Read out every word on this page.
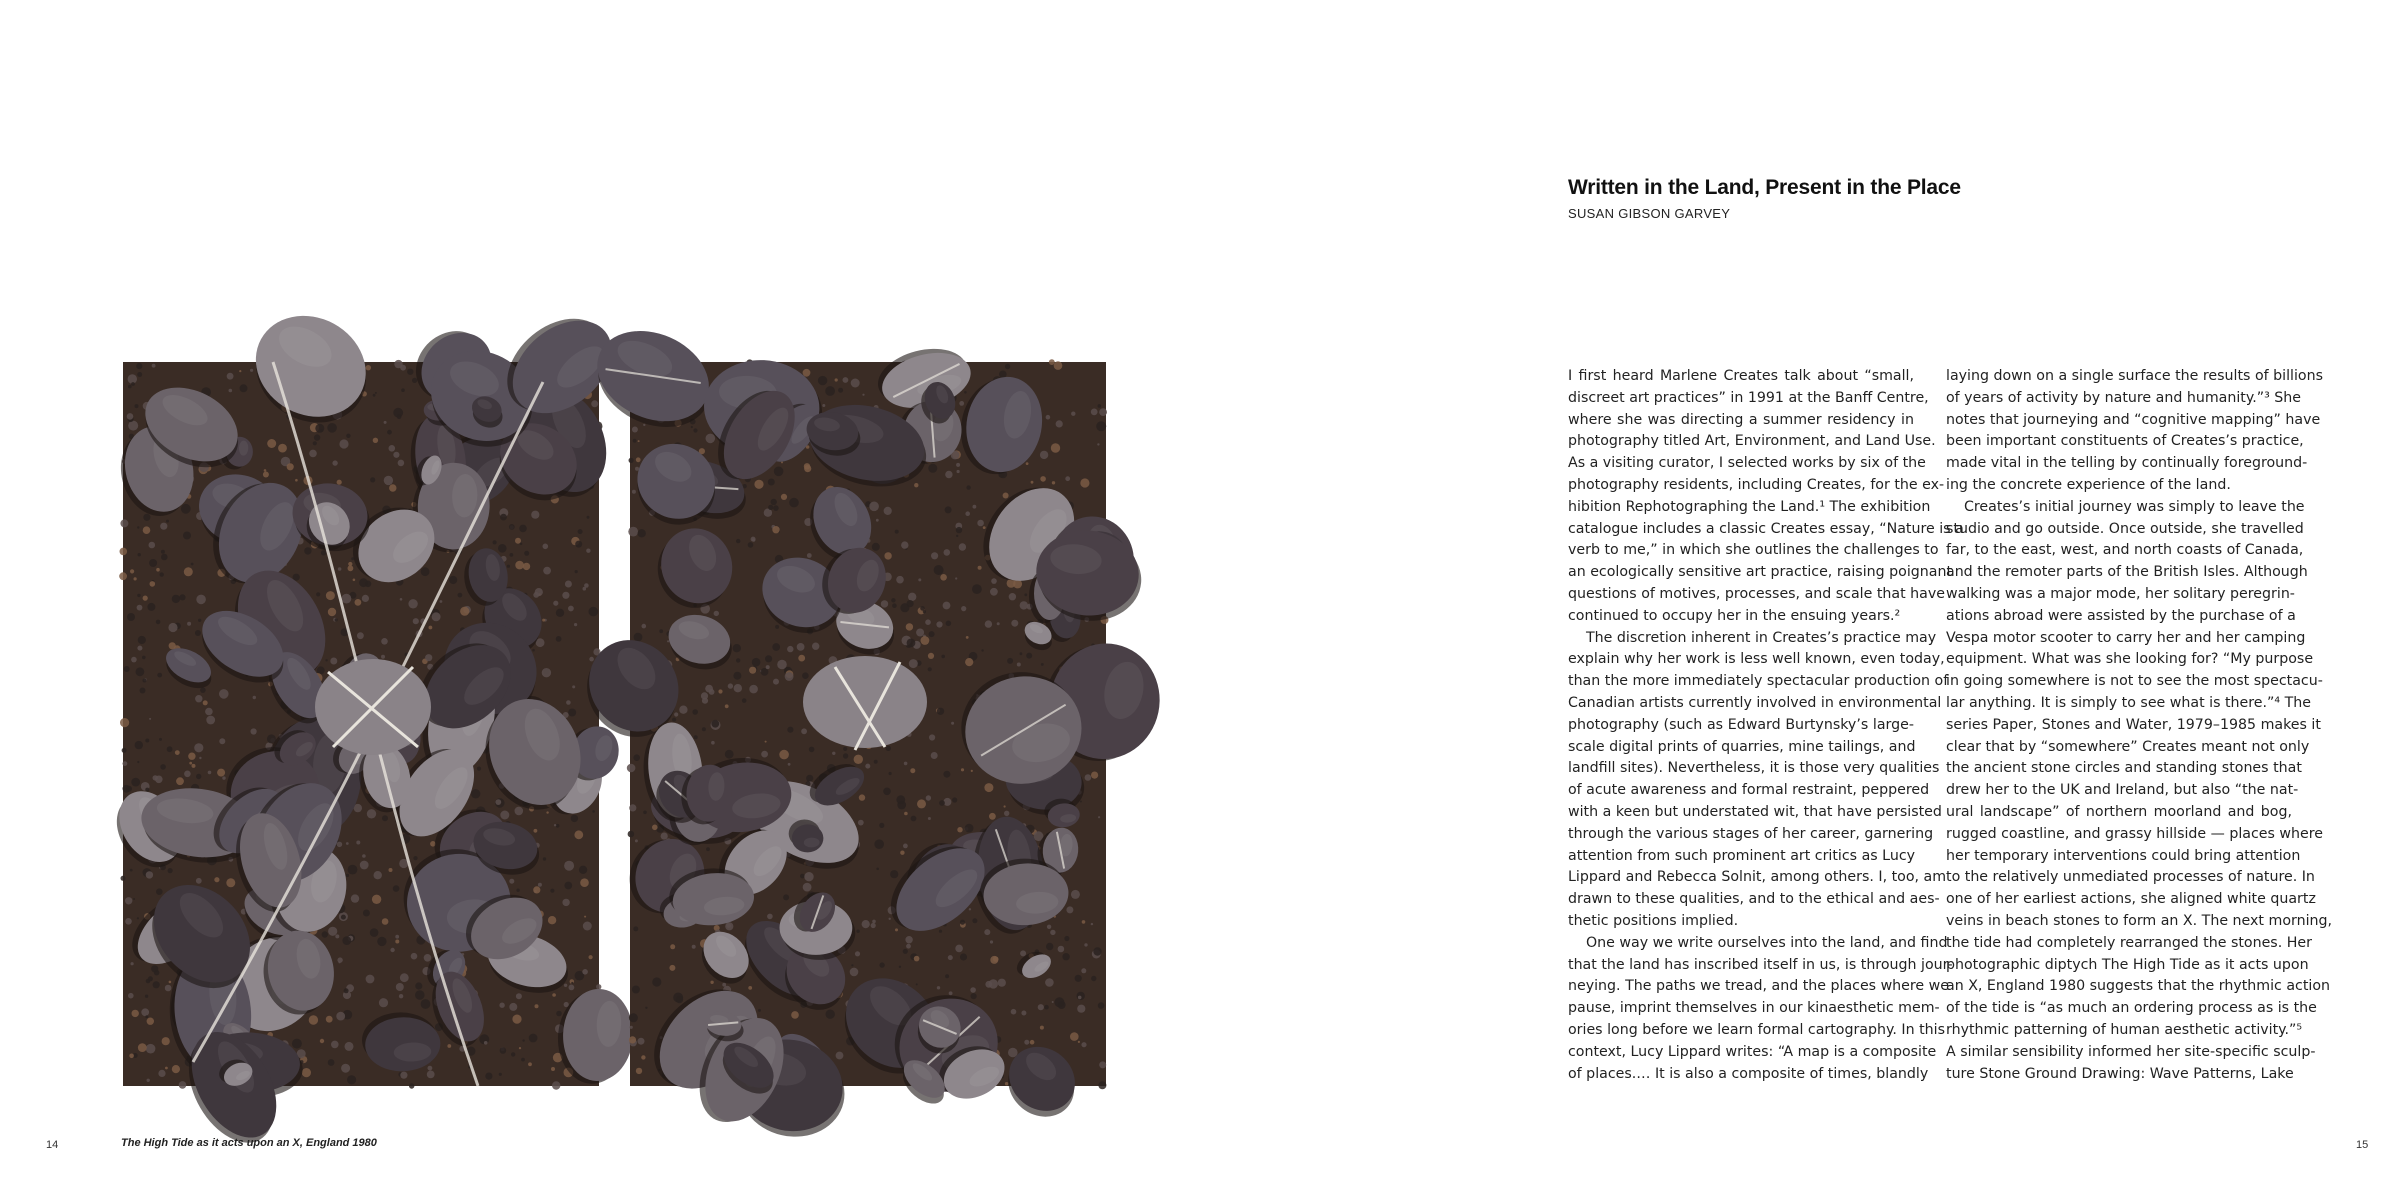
14	The High Tide as it acts upon an X, England 1980
Written in the Land, Present in the Place
SUSAN GIBSON GARVEY
I first heard Marlene Creates talk about “small,
discreet art practices” in 1991 at the Banff Centre,
where she was directing a summer residency in
photography titled Art, Environment, and Land Use.
As a visiting curator, I selected works by six of the
photography residents, including Creates, for the ex-
hibition Rephotographing the Land.¹ The exhibition
catalogue includes a classic Creates essay, “Nature is a
verb to me,” in which she outlines the challenges to
an ecologically sensitive art practice, raising poignant
questions of motives, processes, and scale that have
continued to occupy her in the ensuing years.²
The discretion inherent in Creates’s practice may
explain why her work is less well known, even today,
than the more immediately spectacular production of
Canadian artists currently involved in environmental
photography (such as Edward Burtynsky’s large-
scale digital prints of quarries, mine tailings, and
landfill sites). Nevertheless, it is those very qualities
of acute awareness and formal restraint, peppered
with a keen but understated wit, that have persisted
through the various stages of her career, garnering
attention from such prominent art critics as Lucy
Lippard and Rebecca Solnit, among others. I, too, am
drawn to these qualities, and to the ethical and aes-
thetic positions implied.
One way we write ourselves into the land, and find
that the land has inscribed itself in us, is through jour-
neying. The paths we tread, and the places where we
pause, imprint themselves in our kinaesthetic mem-
ories long before we learn formal cartography. In this
context, Lucy Lippard writes: “A map is a composite
of places.… It is also a composite of times, blandly
laying down on a single surface the results of billions
of years of activity by nature and humanity.”³ She
notes that journeying and “cognitive mapping” have
been important constituents of Creates’s practice,
made vital in the telling by continually foreground-
ing the concrete experience of the land.
Creates’s initial journey was simply to leave the
studio and go outside. Once outside, she travelled
far, to the east, west, and north coasts of Canada,
and the remoter parts of the British Isles. Although
walking was a major mode, her solitary peregrin-
ations abroad were assisted by the purchase of a
Vespa motor scooter to carry her and her camping
equipment. What was she looking for? “My purpose
in going somewhere is not to see the most spectacu-
lar anything. It is simply to see what is there.”⁴ The
series Paper, Stones and Water, 1979–1985 makes it
clear that by “somewhere” Creates meant not only
the ancient stone circles and standing stones that
drew her to the UK and Ireland, but also “the nat-
ural landscape” of northern moorland and bog,
rugged coastline, and grassy hillside — places where
her temporary interventions could bring attention
to the relatively unmediated processes of nature. In
one of her earliest actions, she aligned white quartz
veins in beach stones to form an X. The next morning,
the tide had completely rearranged the stones. Her
photographic diptych The High Tide as it acts upon
an X, England 1980 suggests that the rhythmic action
of the tide is “as much an ordering process as is the
rhythmic patterning of human aesthetic activity.”⁵
A similar sensibility informed her site-specific sculp-
ture Stone Ground Drawing: Wave Patterns, Lake
15
